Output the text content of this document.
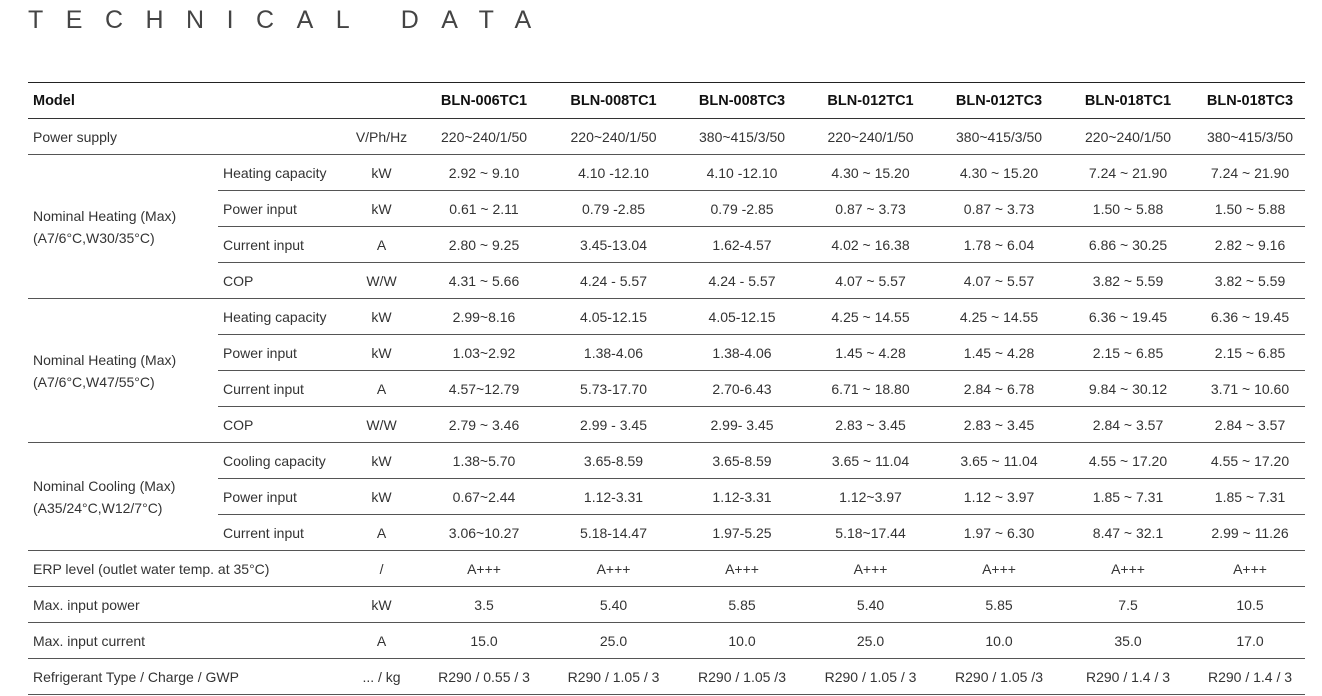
TECHNICAL DATA
Model			BLN-006TC1	BLN-008TC1	BLN-008TC3	BLN-012TC1	BLN-012TC3	BLN-018TC1	BLN-018TC3
Power supply		V/Ph/Hz	220~240/1/50	220~240/1/50	380~415/3/50	220~240/1/50	380~415/3/50	220~240/1/50	380~415/3/50

Nominal Heating (Max)
(A7/6°C,W30/35°C)	Heating capacity	kW	2.92 ~ 9.10	4.10 -12.10	4.10 -12.10	4.30 ~ 15.20	4.30 ~ 15.20	7.24 ~ 21.90	7.24 ~ 21.90
	Power input	kW	0.61 ~ 2.11	0.79 -2.85	0.79 -2.85	0.87 ~ 3.73	0.87 ~ 3.73	1.50 ~ 5.88	1.50 ~ 5.88
	Current input	A	2.80 ~ 9.25	3.45-13.04	1.62-4.57	4.02 ~ 16.38	1.78 ~ 6.04	6.86 ~ 30.25	2.82 ~ 9.16
	COP	W/W	4.31 ~ 5.66	4.24 - 5.57	4.24 - 5.57	4.07 ~ 5.57	4.07 ~ 5.57	3.82 ~ 5.59	3.82 ~ 5.59

Nominal Heating (Max)
(A7/6°C,W47/55°C)	Heating capacity	kW	2.99~8.16	4.05-12.15	4.05-12.15	4.25 ~ 14.55	4.25 ~ 14.55	6.36 ~ 19.45	6.36 ~ 19.45
	Power input	kW	1.03~2.92	1.38-4.06	1.38-4.06	1.45 ~ 4.28	1.45 ~ 4.28	2.15 ~ 6.85	2.15 ~ 6.85
	Current input	A	4.57~12.79	5.73-17.70	2.70-6.43	6.71 ~ 18.80	2.84 ~ 6.78	9.84 ~ 30.12	3.71 ~ 10.60
	COP	W/W	2.79 ~ 3.46	2.99 - 3.45	2.99- 3.45	2.83 ~ 3.45	2.83 ~ 3.45	2.84 ~ 3.57	2.84 ~ 3.57

Nominal Cooling (Max)
(A35/24°C,W12/7°C)	Cooling capacity	kW	1.38~5.70	3.65-8.59	3.65-8.59	3.65 ~ 11.04	3.65 ~ 11.04	4.55 ~ 17.20	4.55 ~ 17.20
	Power input	kW	0.67~2.44	1.12-3.31	1.12-3.31	1.12~3.97	1.12 ~ 3.97	1.85 ~ 7.31	1.85 ~ 7.31
	Current input	A	3.06~10.27	5.18-14.47	1.97-5.25	5.18~17.44	1.97 ~ 6.30	8.47 ~ 32.1	2.99 ~ 11.26
ERP level (outlet water temp. at 35°C)		/	A+++	A+++	A+++	A+++	A+++	A+++	A+++
Max. input power		kW	3.5	5.40	5.85	5.40	5.85	7.5	10.5
Max. input current		A	15.0	25.0	10.0	25.0	10.0	35.0	17.0
Refrigerant Type / Charge / GWP		... / kg	R290 / 0.55 / 3	R290 / 1.05 / 3	R290 / 1.05 /3	R290 / 1.05 / 3	R290 / 1.05 /3	R290 / 1.4 / 3	R290 / 1.4 / 3
